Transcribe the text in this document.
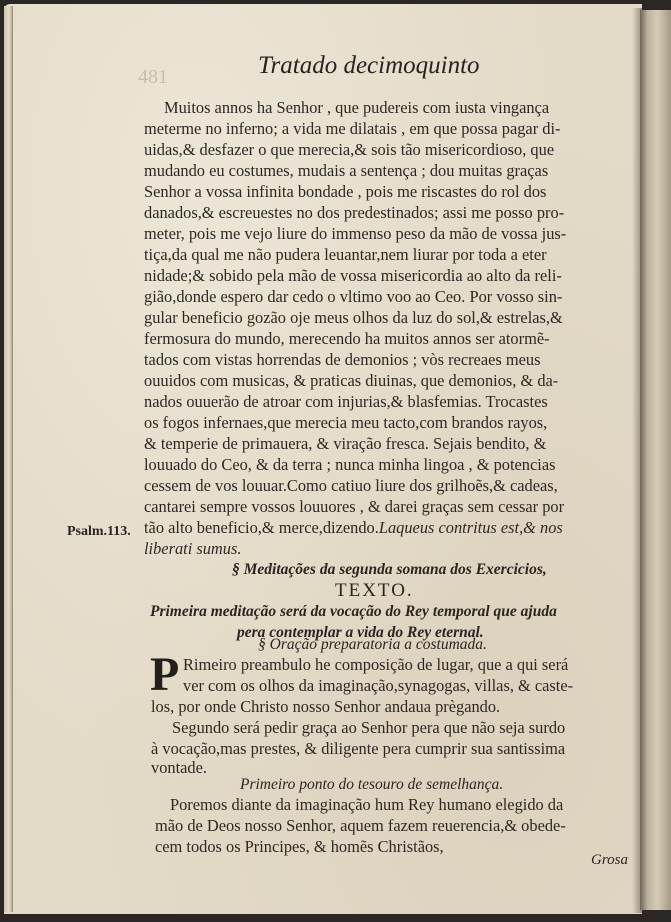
481	Tratado decimoquinto
Muitos annos ha Senhor , que pudereis com iusta vingança
meterme no inferno; a vida me dilatais , em que possa pagar di-
uidas,& desfazer o que merecia,& sois tão misericordioso, que
mudando eu costumes, mudais a sentença ; dou muitas graças
Senhor a vossa infinita bondade , pois me riscastes do rol dos
danados,& escreuestes no dos predestinados; assi me posso pro-
meter, pois me vejo liure do immenso peso da mão de vossa jus-
tiça,da qual me não pudera leuantar,nem liurar por toda a eter
nidade;& sobido pela mão de vossa misericordia ao alto da reli-
gião,donde espero dar cedo o vltimo voo ao Ceo. Por vosso sin-
gular beneficio gozão oje meus olhos da luz do sol,& estrelas,&
fermosura do mundo, merecendo ha muitos annos ser atormẽ-
tados com vistas horrendas de demonios ; vòs recreaes meus
ouuidos com musicas, & praticas diuinas, que demonios, & da-
nados ouuerão de atroar com injurias,& blasfemias. Trocastes
os fogos infernaes,que merecia meu tacto,com brandos rayos,
& temperie de primauera, & viração fresca. Sejais bendito, &
louuado do Ceo, & da terra ; nunca minha lingoa , & potencias
cessem de vos louuar.Como catiuo liure dos grilhoẽs,& cadeas,
cantarei sempre vossos louuores , & darei graças sem cessar por
tão alto beneficio,& merce,dizendo.Laqueus contritus est,& nos
liberati sumus.
Psalm.113.
§ Meditações da segunda somana dos Exercicios,
TEXTO.
Primeira meditação será da vocação do Rey temporal que ajuda
pera contemplar a vida do Rey eternal.
§ Oração preparatoria a costumada.
P Rimeiro preambulo he composição de lugar, que a qui será
ver com os olhos da imaginação,synagogas, villas, & caste-
los, por onde Christo nosso Senhor andaua prègando.
Segundo será pedir graça ao Senhor pera que não seja surdo
à vocação,mas prestes, & diligente pera cumprir sua santissima
vontade.
Primeiro ponto do tesouro de semelhança.
Poremos diante da imaginação hum Rey humano elegido da
mão de Deos nosso Senhor, aquem fazem reuerencia,& obede-
cem todos os Principes, & homẽs Christãos,
Grosa
